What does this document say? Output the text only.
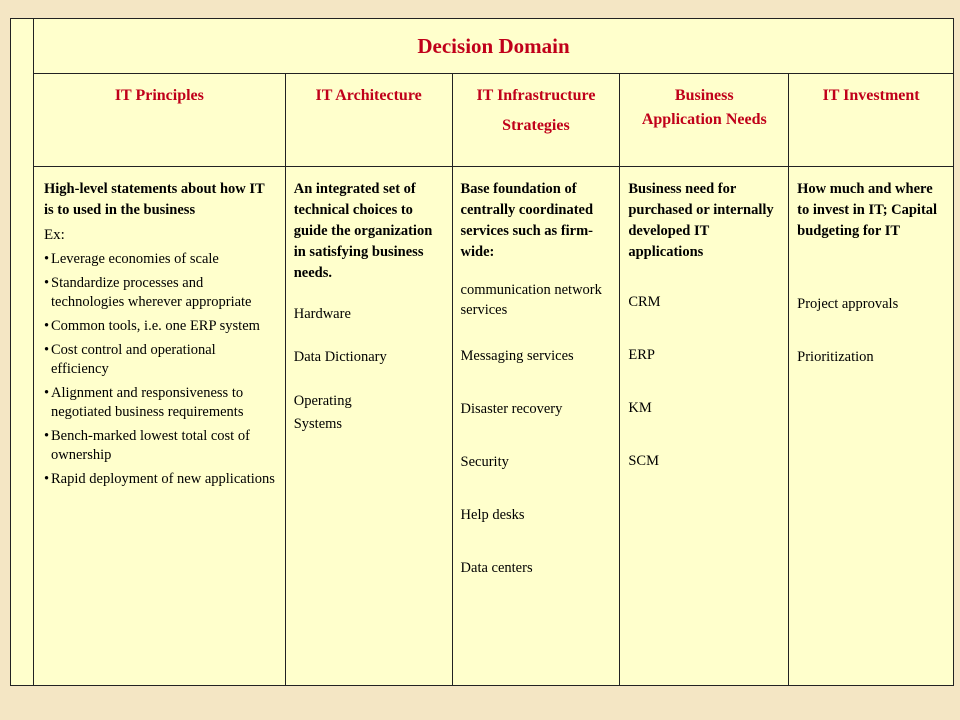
Decision Domain
IT Principles	IT Architecture	IT Infrastructure
Strategies
Business Application Needs
IT Investment
High-level statements about how IT is to used in the business
Ex:
• Leverage economies of scale
• Standardize processes and technologies wherever appropriate
• Common tools, i.e. one ERP system
• Cost control and operational efficiency
• Alignment and responsiveness to negotiated business requirements
• Bench-marked lowest total cost of ownership
• Rapid deployment of new applications
An integrated set of technical choices to guide the organization in satisfying business needs.
Hardware
Data Dictionary
Operating
Systems
Base foundation of centrally coordinated services such as firm-wide:
communication network services
Messaging services
Disaster recovery
Security
Help desks
Data centers
Business need for purchased or internally developed IT applications
CRM
ERP
KM
SCM
How much and where to invest in IT; Capital budgeting for IT
Project approvals
Prioritization
